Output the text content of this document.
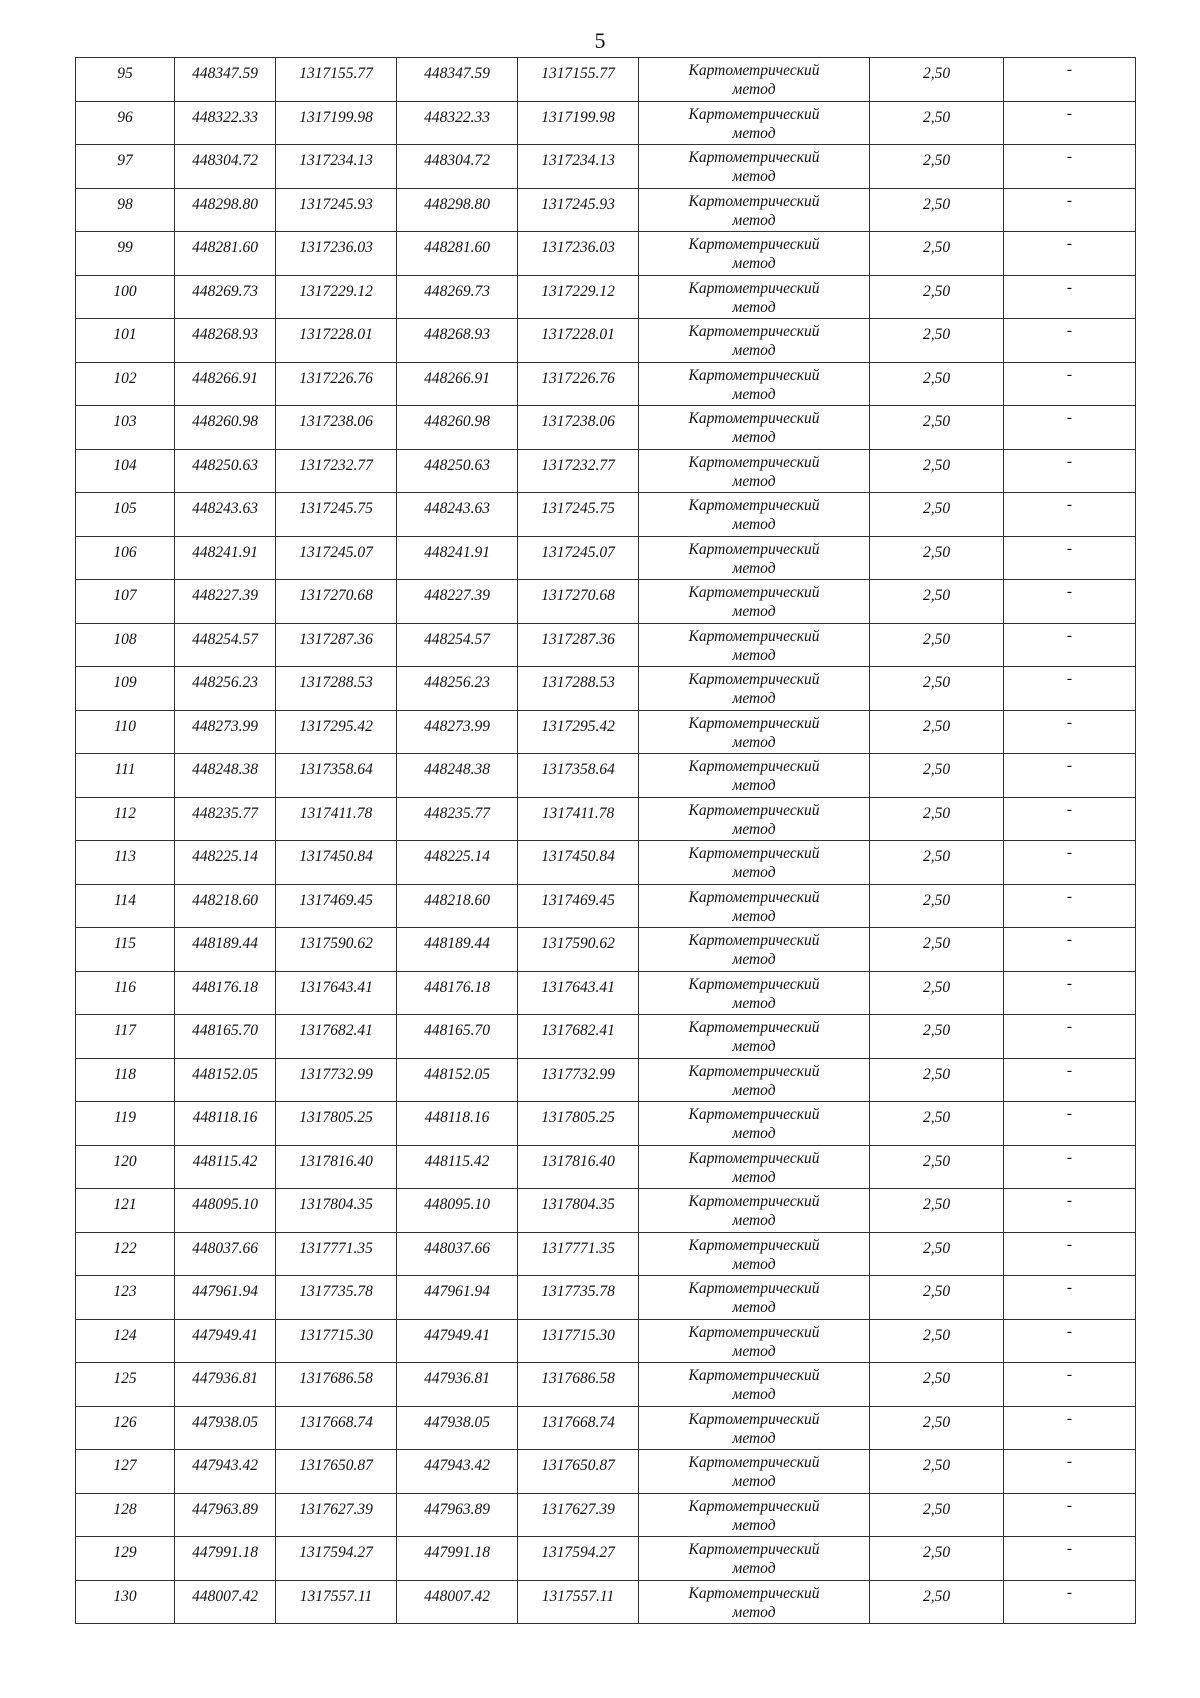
5
95	448347.59	1317155.77	448347.59	1317155.77	Картометрический
метод	2,50	-
96	448322.33	1317199.98	448322.33	1317199.98	Картометрический
метод	2,50	-
97	448304.72	1317234.13	448304.72	1317234.13	Картометрический
метод	2,50	-
98	448298.80	1317245.93	448298.80	1317245.93	Картометрический
метод	2,50	-
99	448281.60	1317236.03	448281.60	1317236.03	Картометрический
метод	2,50	-
100	448269.73	1317229.12	448269.73	1317229.12	Картометрический
метод	2,50	-
101	448268.93	1317228.01	448268.93	1317228.01	Картометрический
метод	2,50	-
102	448266.91	1317226.76	448266.91	1317226.76	Картометрический
метод	2,50	-
103	448260.98	1317238.06	448260.98	1317238.06	Картометрический
метод	2,50	-
104	448250.63	1317232.77	448250.63	1317232.77	Картометрический
метод	2,50	-
105	448243.63	1317245.75	448243.63	1317245.75	Картометрический
метод	2,50	-
106	448241.91	1317245.07	448241.91	1317245.07	Картометрический
метод	2,50	-
107	448227.39	1317270.68	448227.39	1317270.68	Картометрический
метод	2,50	-
108	448254.57	1317287.36	448254.57	1317287.36	Картометрический
метод	2,50	-
109	448256.23	1317288.53	448256.23	1317288.53	Картометрический
метод	2,50	-
110	448273.99	1317295.42	448273.99	1317295.42	Картометрический
метод	2,50	-
111	448248.38	1317358.64	448248.38	1317358.64	Картометрический
метод	2,50	-
112	448235.77	1317411.78	448235.77	1317411.78	Картометрический
метод	2,50	-
113	448225.14	1317450.84	448225.14	1317450.84	Картометрический
метод	2,50	-
114	448218.60	1317469.45	448218.60	1317469.45	Картометрический
метод	2,50	-
115	448189.44	1317590.62	448189.44	1317590.62	Картометрический
метод	2,50	-
116	448176.18	1317643.41	448176.18	1317643.41	Картометрический
метод	2,50	-
117	448165.70	1317682.41	448165.70	1317682.41	Картометрический
метод	2,50	-
118	448152.05	1317732.99	448152.05	1317732.99	Картометрический
метод	2,50	-
119	448118.16	1317805.25	448118.16	1317805.25	Картометрический
метод	2,50	-
120	448115.42	1317816.40	448115.42	1317816.40	Картометрический
метод	2,50	-
121	448095.10	1317804.35	448095.10	1317804.35	Картометрический
метод	2,50	-
122	448037.66	1317771.35	448037.66	1317771.35	Картометрический
метод	2,50	-
123	447961.94	1317735.78	447961.94	1317735.78	Картометрический
метод	2,50	-
124	447949.41	1317715.30	447949.41	1317715.30	Картометрический
метод	2,50	-
125	447936.81	1317686.58	447936.81	1317686.58	Картометрический
метод	2,50	-
126	447938.05	1317668.74	447938.05	1317668.74	Картометрический
метод	2,50	-
127	447943.42	1317650.87	447943.42	1317650.87	Картометрический
метод	2,50	-
128	447963.89	1317627.39	447963.89	1317627.39	Картометрический
метод	2,50	-
129	447991.18	1317594.27	447991.18	1317594.27	Картометрический
метод	2,50	-
130	448007.42	1317557.11	448007.42	1317557.11	Картометрический
метод	2,50	-
